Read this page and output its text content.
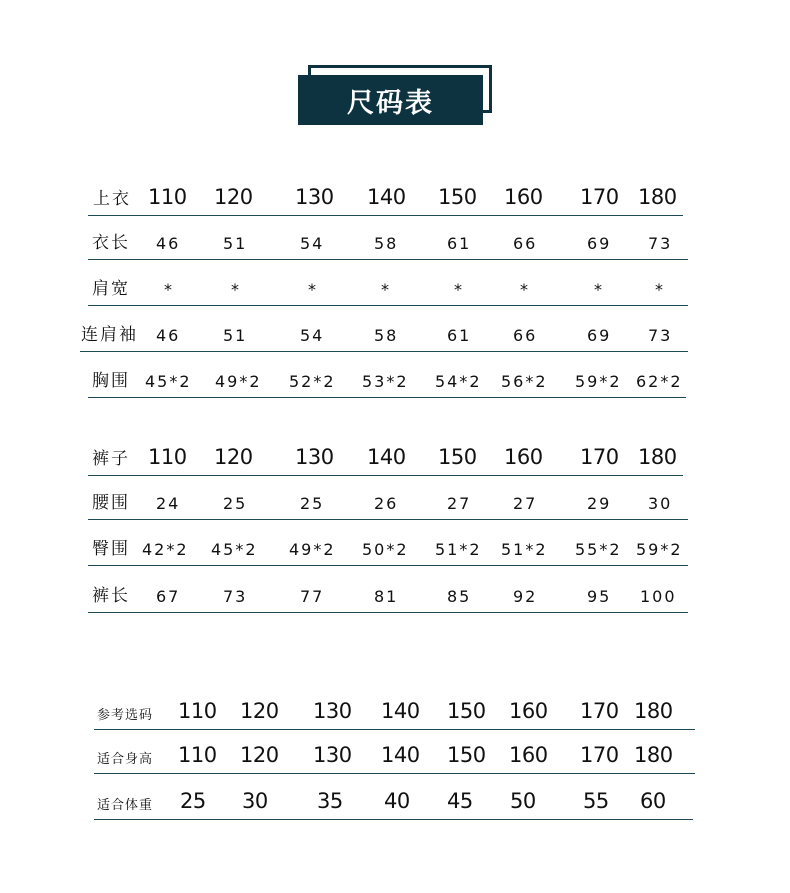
尺码表
上衣 110 120 130 140 150 160 170 180
衣长 46	51	54	58	61	66	69 73
肩宽 *	*	*	*	*	*	*	*
连肩袖 46	51	54	58	61	66	69 73
胸围 45*2 49*2 52*2 53*2 54*2 56*2 59*2 62*2
裤子 110 120 130 140 150 160 170 180
腰围 24	25	25	26	27	27	29 30
臀围 42*2 45*2 49*2 50*2 51*2 51*2 55*2 59*2
裤长 67	73	77	81	85	92	95 100
参考选码 110 120 130 140 150 160 170 180
适合身高 110 120 130 140 150 160 170 180
适合体重 25 30 35 40 45 50 55 60
